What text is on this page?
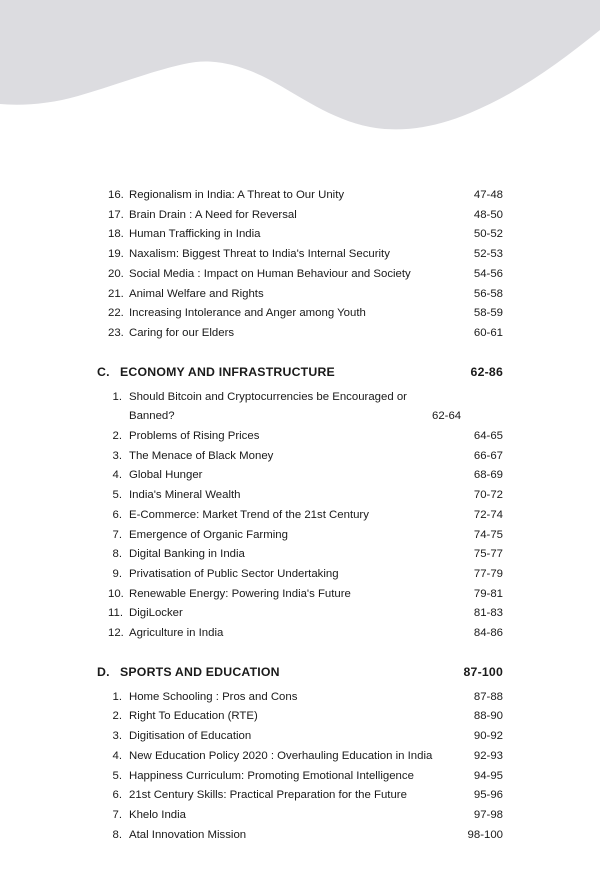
16. Regionalism in India: A Threat to Our Unity	47-48
17. Brain Drain : A Need for Reversal	48-50
18. Human Trafficking in India	50-52
19. Naxalism: Biggest Threat to India's Internal Security	52-53
20. Social Media : Impact on Human Behaviour and Society	54-56
21. Animal Welfare and Rights	56-58
22. Increasing Intolerance and Anger among Youth	58-59
23. Caring for our Elders	60-61
C. ECONOMY AND INFRASTRUCTURE	62-86
1. Should Bitcoin and Cryptocurrencies be Encouraged or Banned?	62-64
2. Problems of Rising Prices	64-65
3. The Menace of Black Money	66-67
4. Global Hunger	68-69
5. India's Mineral Wealth	70-72
6. E-Commerce: Market Trend of the 21st Century	72-74
7. Emergence of Organic Farming	74-75
8. Digital Banking in India	75-77
9. Privatisation of Public Sector Undertaking	77-79
10. Renewable Energy: Powering India's Future	79-81
11. DigiLocker	81-83
12. Agriculture in India	84-86
D. SPORTS AND EDUCATION	87-100
1. Home Schooling : Pros and Cons	87-88
2. Right To Education (RTE)	88-90
3. Digitisation of Education	90-92
4. New Education Policy 2020 : Overhauling Education in India	92-93
5. Happiness Curriculum: Promoting Emotional Intelligence	94-95
6. 21st Century Skills: Practical Preparation for the Future	95-96
7. Khelo India	97-98
8. Atal Innovation Mission	98-100
